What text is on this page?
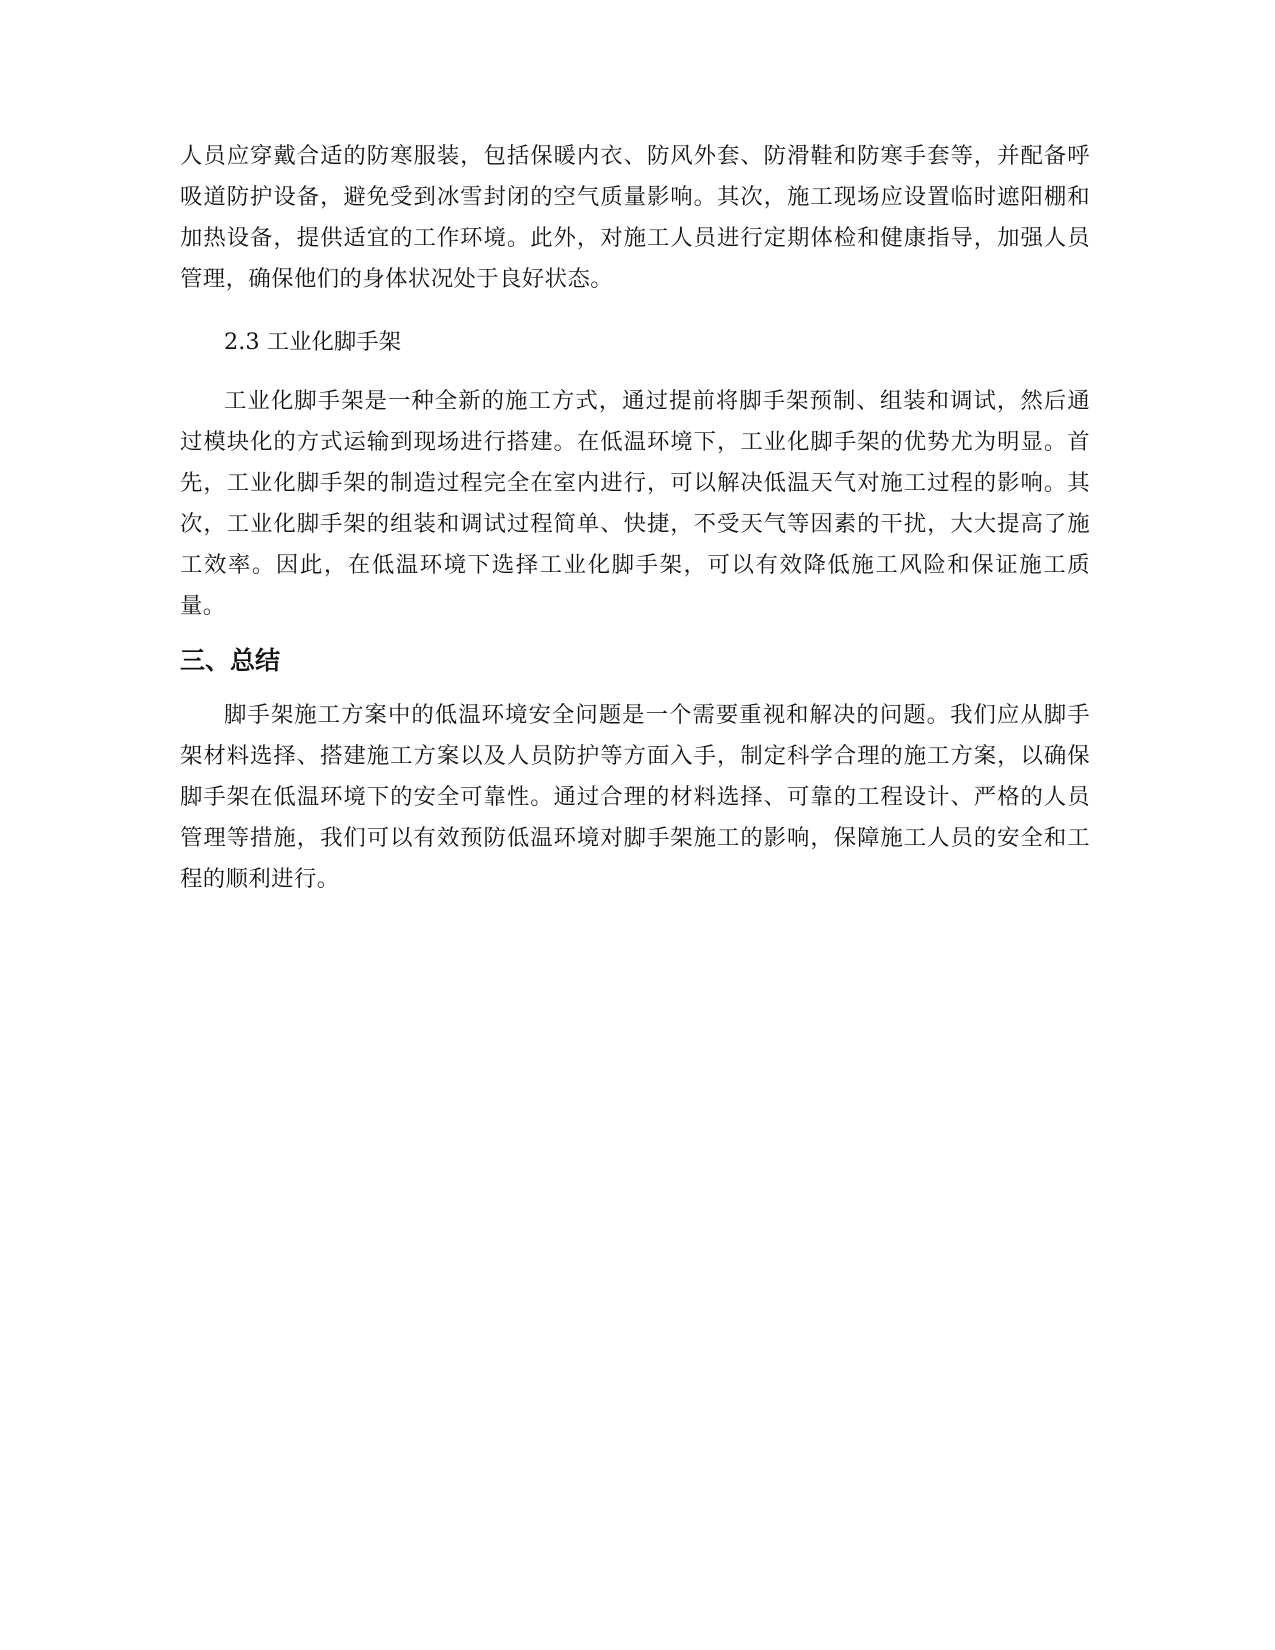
人员应穿戴合适的防寒服装，包括保暖内衣、防风外套、防滑鞋和防寒手套等，并配备呼吸道防护设备，避免受到冰雪封闭的空气质量影响。其次，施工现场应设置临时遮阳棚和加热设备，提供适宜的工作环境。此外，对施工人员进行定期体检和健康指导，加强人员管理，确保他们的身体状况处于良好状态。

2.3 工业化脚手架

工业化脚手架是一种全新的施工方式，通过提前将脚手架预制、组装和调试，然后通过模块化的方式运输到现场进行搭建。在低温环境下，工业化脚手架的优势尤为明显。首先，工业化脚手架的制造过程完全在室内进行，可以解决低温天气对施工过程的影响。其次，工业化脚手架的组装和调试过程简单、快捷，不受天气等因素的干扰，大大提高了施工效率。因此，在低温环境下选择工业化脚手架，可以有效降低施工风险和保证施工质量。

三、总结

脚手架施工方案中的低温环境安全问题是一个需要重视和解决的问题。我们应从脚手架材料选择、搭建施工方案以及人员防护等方面入手，制定科学合理的施工方案，以确保脚手架在低温环境下的安全可靠性。通过合理的材料选择、可靠的工程设计、严格的人员管理等措施，我们可以有效预防低温环境对脚手架施工的影响，保障施工人员的安全和工程的顺利进行。
